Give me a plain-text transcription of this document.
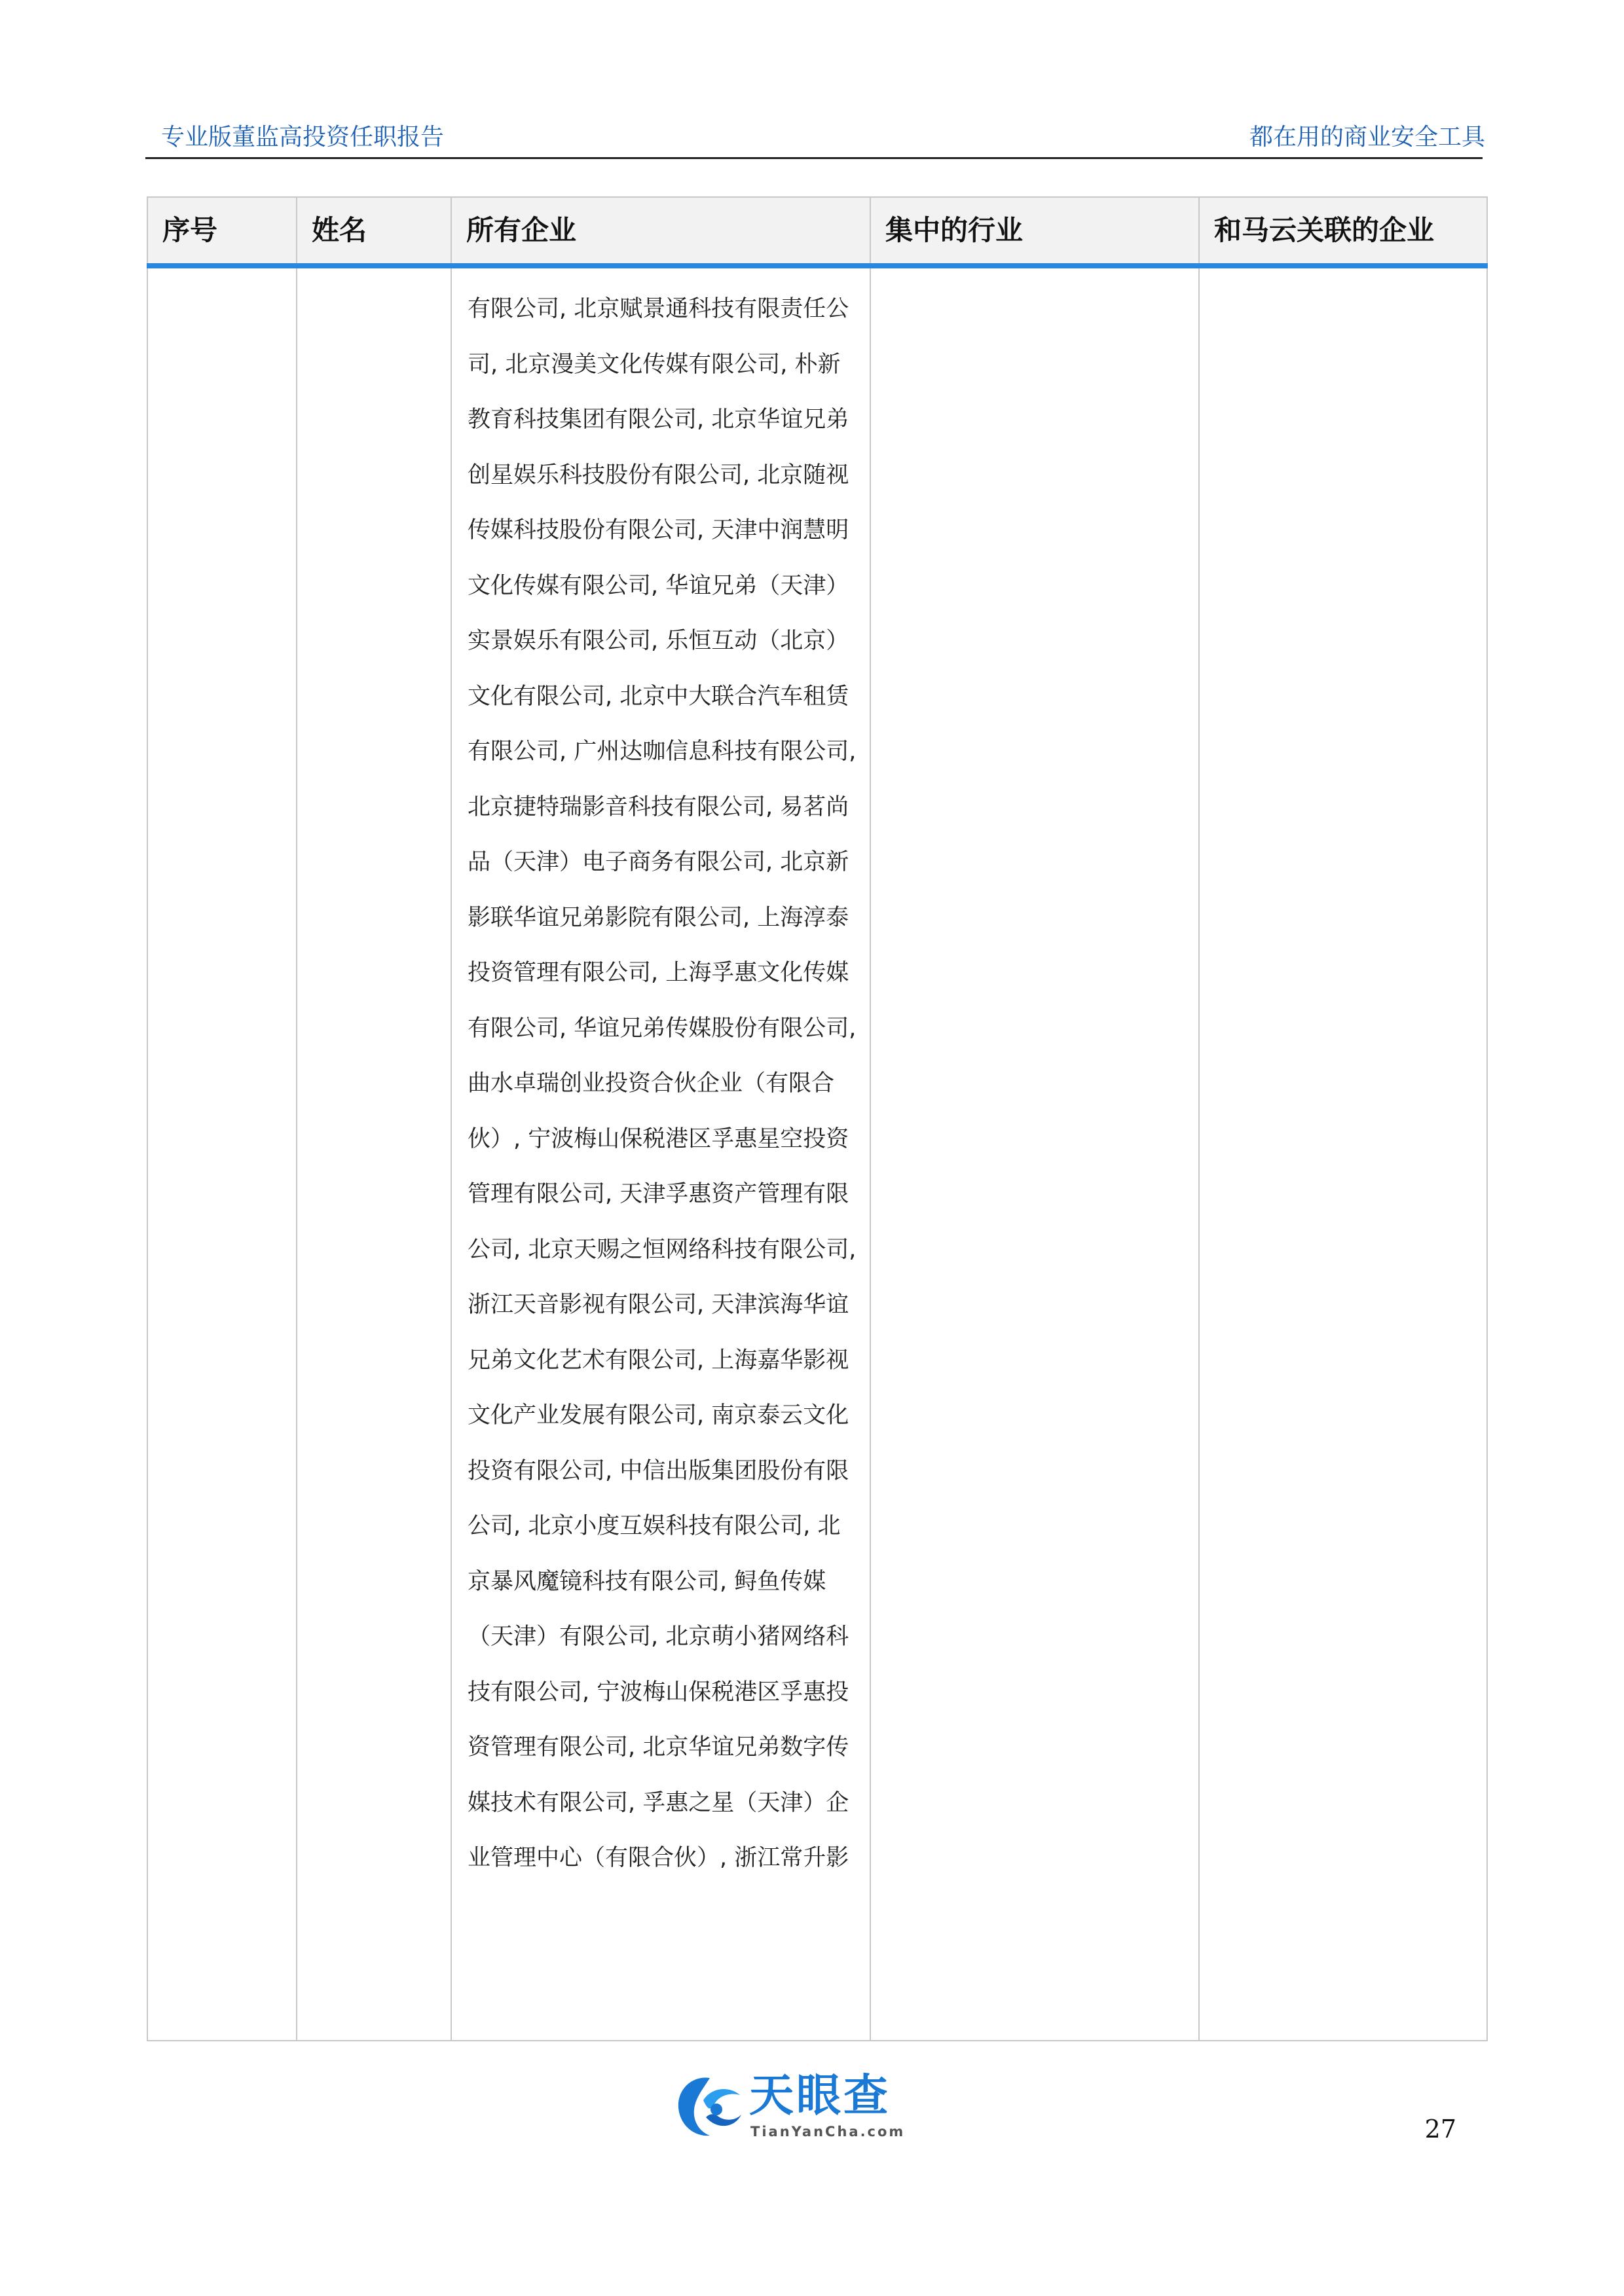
专业版董监高投资任职报告	都在用的商业安全工具
序号	姓名	所有企业	集中的行业	和马云关联的企业

		有限公司, 北京赋景通科技有限责任公司, 北京漫美文化传媒有限公司, 朴新教育科技集团有限公司, 北京华谊兄弟创星娱乐科技股份有限公司, 北京随视传媒科技股份有限公司, 天津中润慧明文化传媒有限公司, 华谊兄弟（天津）实景娱乐有限公司, 乐恒互动（北京）文化有限公司, 北京中大联合汽车租赁有限公司, 广州达咖信息科技有限公司, 北京捷特瑞影音科技有限公司, 易茗尚品（天津）电子商务有限公司, 北京新影联华谊兄弟影院有限公司, 上海淳泰投资管理有限公司, 上海孚惠文化传媒有限公司, 华谊兄弟传媒股份有限公司, 曲水卓瑞创业投资合伙企业（有限合伙）, 宁波梅山保税港区孚惠星空投资管理有限公司, 天津孚惠资产管理有限公司, 北京天赐之恒网络科技有限公司, 浙江天音影视有限公司, 天津滨海华谊兄弟文化艺术有限公司, 上海嘉华影视文化产业发展有限公司, 南京泰云文化投资有限公司, 中信出版集团股份有限公司, 北京小度互娱科技有限公司, 北京暴风魔镜科技有限公司, 鲟鱼传媒（天津）有限公司, 北京萌小猪网络科技有限公司, 宁波梅山保税港区孚惠投资管理有限公司, 北京华谊兄弟数字传媒技术有限公司, 孚惠之星（天津）企业管理中心（有限合伙）, 浙江常升影		

天眼查
TianYanCha.com	27
